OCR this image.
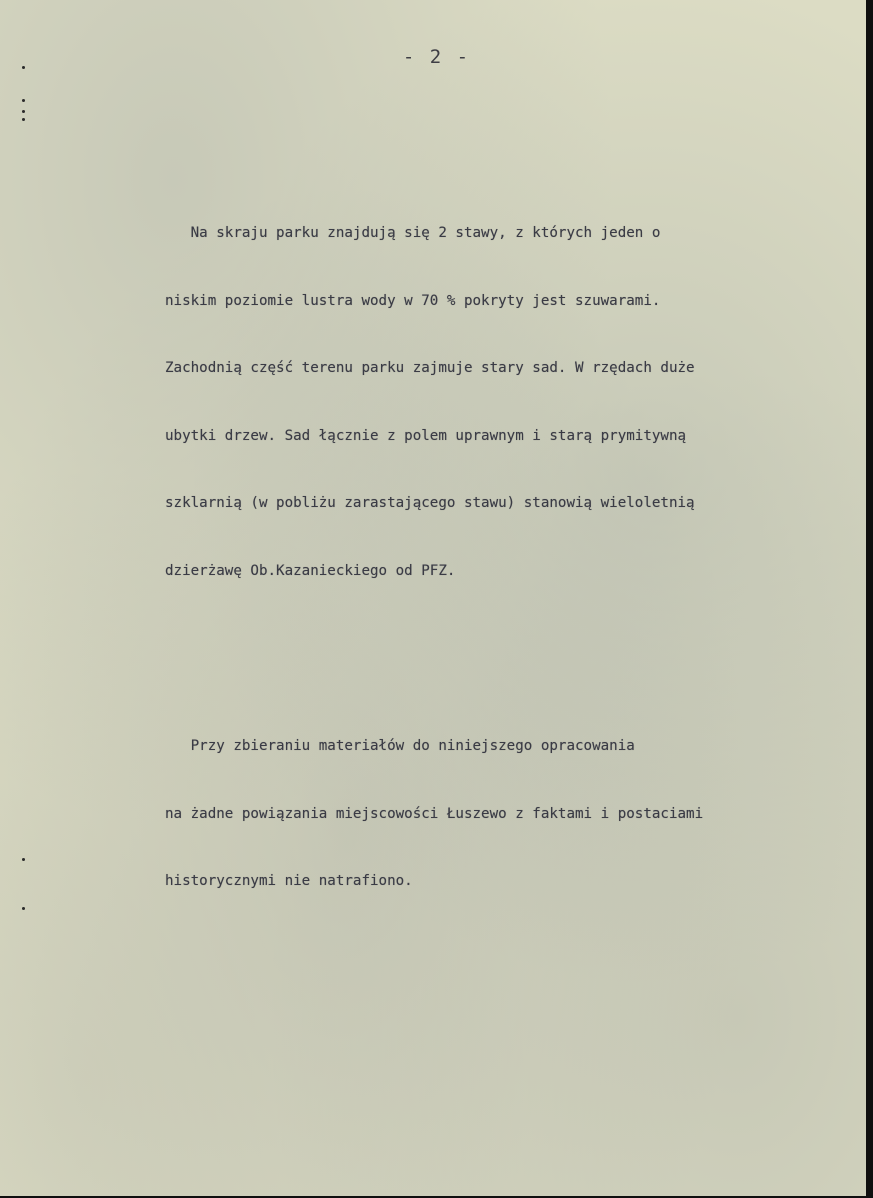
- 2 -

Na skraju parku znajdują się 2 stawy, z których jeden o

niskim poziomie lustra wody w 70 % pokryty jest szuwarami.

Zachodnią część terenu parku zajmuje stary sad. W rzędach duże

ubytki drzew. Sad łącznie z polem uprawnym i starą prymitywną

szklarnią (w pobliżu zarastającego stawu) stanowią wieloletnią

dzierżawę Ob.Kazanieckiego od PFZ.

Przy zbieraniu materiałów do niniejszego opracowania

na żadne powiązania miejscowości Łuszewo z faktami i postaciami

historycznymi nie natrafiono.
